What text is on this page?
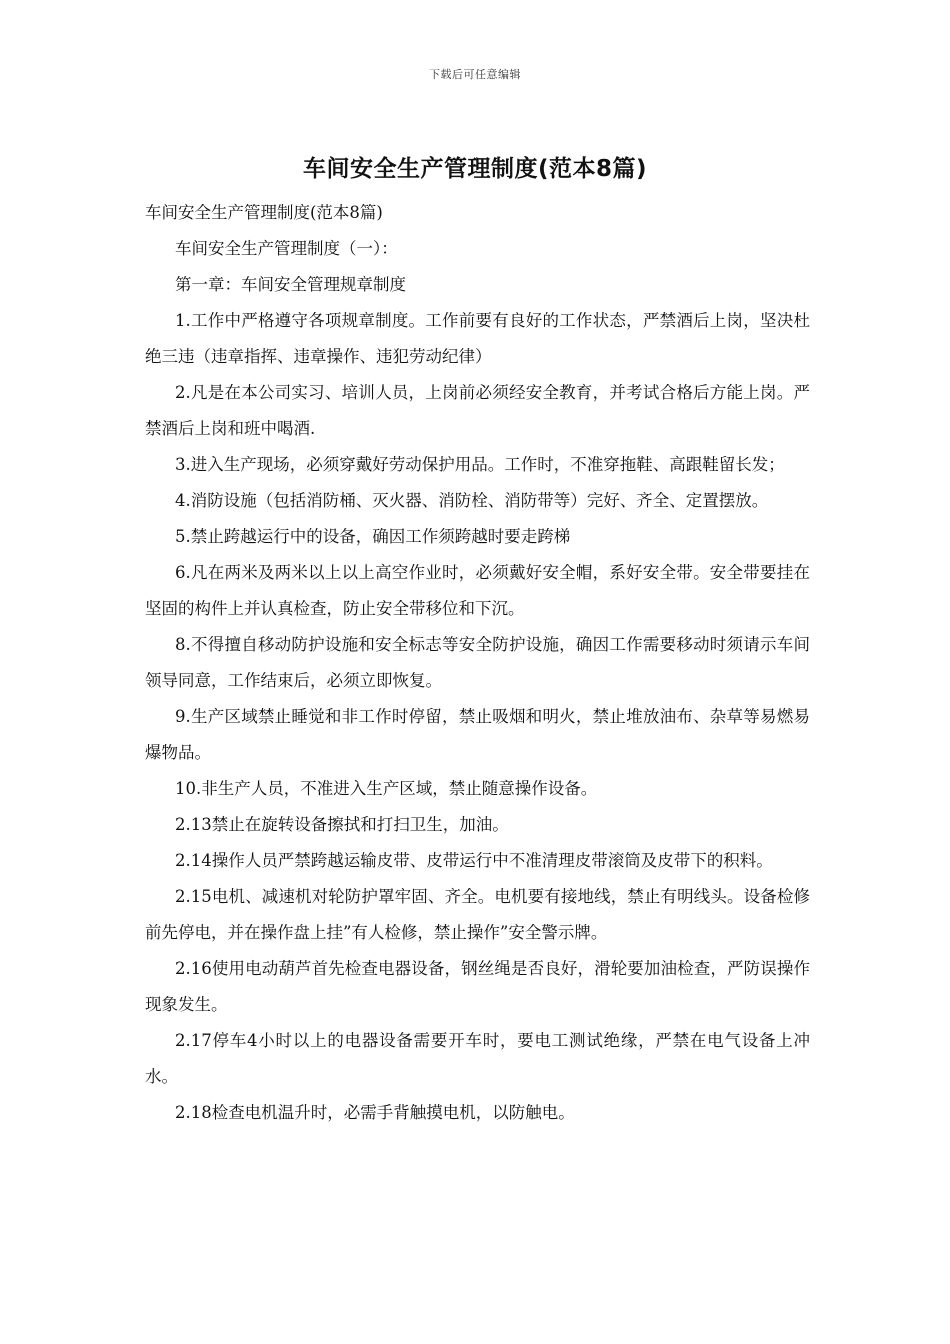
下载后可任意编辑
车间安全生产管理制度(范本8篇)

车间安全生产管理制度(范本8篇)

车间安全生产管理制度（一）：

第一章：车间安全管理规章制度

1.工作中严格遵守各项规章制度。工作前要有良好的工作状态，严禁酒后上岗，坚决杜绝三违（违章指挥、违章操作、违犯劳动纪律）

2.凡是在本公司实习、培训人员，上岗前必须经安全教育，并考试合格后方能上岗。严禁酒后上岗和班中喝酒.

3.进入生产现场，必须穿戴好劳动保护用品。工作时，不准穿拖鞋、高跟鞋留长发；

4.消防设施（包括消防桶、灭火器、消防栓、消防带等）完好、齐全、定置摆放。

5.禁止跨越运行中的设备，确因工作须跨越时要走跨梯

6.凡在两米及两米以上以上高空作业时，必须戴好安全帽，系好安全带。安全带要挂在坚固的构件上并认真检查，防止安全带移位和下沉。

8.不得擅自移动防护设施和安全标志等安全防护设施，确因工作需要移动时须请示车间领导同意，工作结束后，必须立即恢复。

9.生产区域禁止睡觉和非工作时停留，禁止吸烟和明火，禁止堆放油布、杂草等易燃易爆物品。

10.非生产人员，不准进入生产区域，禁止随意操作设备。

2.13禁止在旋转设备擦拭和打扫卫生，加油。

2.14操作人员严禁跨越运输皮带、皮带运行中不准清理皮带滚筒及皮带下的积料。

2.15电机、减速机对轮防护罩牢固、齐全。电机要有接地线，禁止有明线头。设备检修前先停电，并在操作盘上挂”有人检修，禁止操作”安全警示牌。

2.16使用电动葫芦首先检查电器设备，钢丝绳是否良好，滑轮要加油检查，严防误操作现象发生。

2.17停车4小时以上的电器设备需要开车时，要电工测试绝缘，严禁在电气设备上冲水。

2.18检查电机温升时，必需手背触摸电机，以防触电。
